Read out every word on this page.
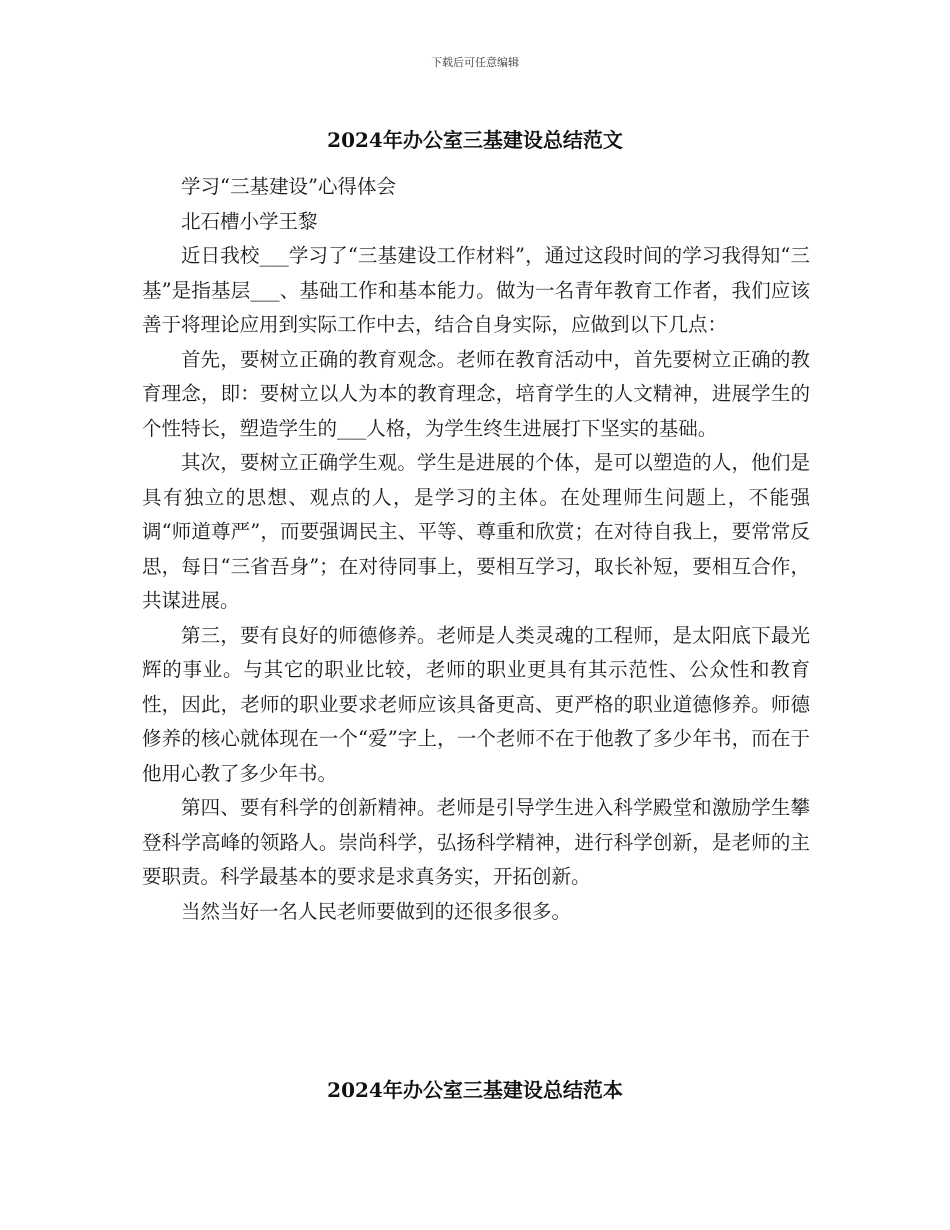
下载后可任意编辑
2024年办公室三基建设总结范文

学习“三基建设”心得体会

北石槽小学王黎

近日我校___学习了“三基建设工作材料”，通过这段时间的学习我得知“三基”是指基层___、基础工作和基本能力。做为一名青年教育工作者，我们应该善于将理论应用到实际工作中去，结合自身实际，应做到以下几点：

首先，要树立正确的教育观念。老师在教育活动中，首先要树立正确的教育理念，即：要树立以人为本的教育理念，培育学生的人文精神，进展学生的个性特长，塑造学生的___人格，为学生终生进展打下坚实的基础。

其次，要树立正确学生观。学生是进展的个体，是可以塑造的人，他们是具有独立的思想、观点的人，是学习的主体。在处理师生问题上，不能强调“师道尊严”，而要强调民主、平等、尊重和欣赏；在对待自我上，要常常反思，每日“三省吾身”；在对待同事上，要相互学习，取长补短，要相互合作，共谋进展。

第三，要有良好的师德修养。老师是人类灵魂的工程师，是太阳底下最光辉的事业。与其它的职业比较，老师的职业更具有其示范性、公众性和教育性，因此，老师的职业要求老师应该具备更高、更严格的职业道德修养。师德修养的核心就体现在一个“爱”字上，一个老师不在于他教了多少年书，而在于他用心教了多少年书。

第四、要有科学的创新精神。老师是引导学生进入科学殿堂和激励学生攀登科学高峰的领路人。崇尚科学，弘扬科学精神，进行科学创新，是老师的主要职责。科学最基本的要求是求真务实，开拓创新。

当然当好一名人民老师要做到的还很多很多。

2024年办公室三基建设总结范本
